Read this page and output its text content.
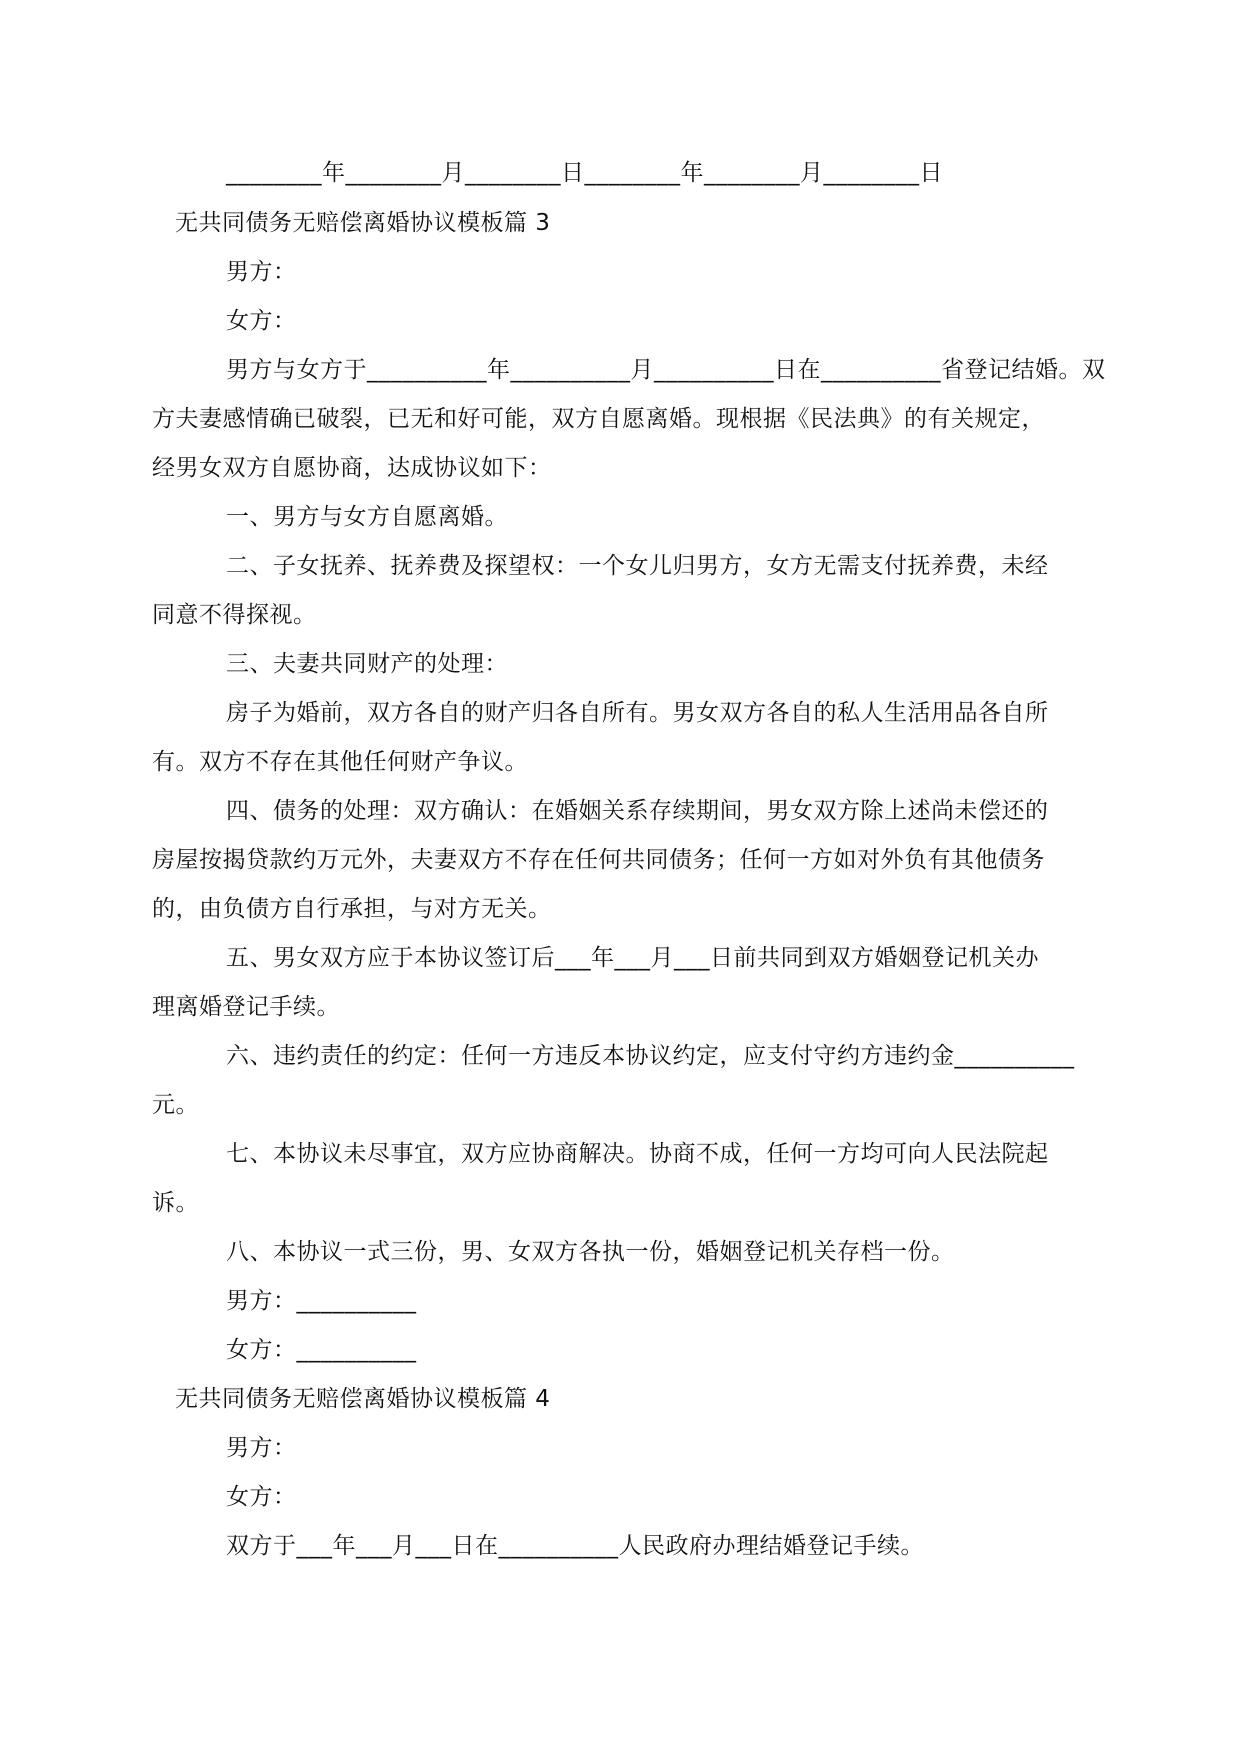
________年________月________日________年________月________日
无共同债务无赔偿离婚协议模板篇 3
男方：
女方：
男方与女方于__________年__________月__________日在__________省登记结婚。双
方夫妻感情确已破裂，已无和好可能，双方自愿离婚。现根据《民法典》的有关规定，
经男女双方自愿协商，达成协议如下：
一、男方与女方自愿离婚。
二、子女抚养、抚养费及探望权：一个女儿归男方，女方无需支付抚养费，未经
同意不得探视。
三、夫妻共同财产的处理：
房子为婚前，双方各自的财产归各自所有。男女双方各自的私人生活用品各自所
有。双方不存在其他任何财产争议。
四、债务的处理：双方确认：在婚姻关系存续期间，男女双方除上述尚未偿还的
房屋按揭贷款约万元外，夫妻双方不存在任何共同债务；任何一方如对外负有其他债务
的，由负债方自行承担，与对方无关。
五、男女双方应于本协议签订后___年___月___日前共同到双方婚姻登记机关办
理离婚登记手续。
六、违约责任的约定：任何一方违反本协议约定，应支付守约方违约金__________
元。
七、本协议未尽事宜，双方应协商解决。协商不成，任何一方均可向人民法院起
诉。
八、本协议一式三份，男、女双方各执一份，婚姻登记机关存档一份。
男方：__________
女方：__________
无共同债务无赔偿离婚协议模板篇 4
男方：
女方：
双方于___年___月___日在__________人民政府办理结婚登记手续。
